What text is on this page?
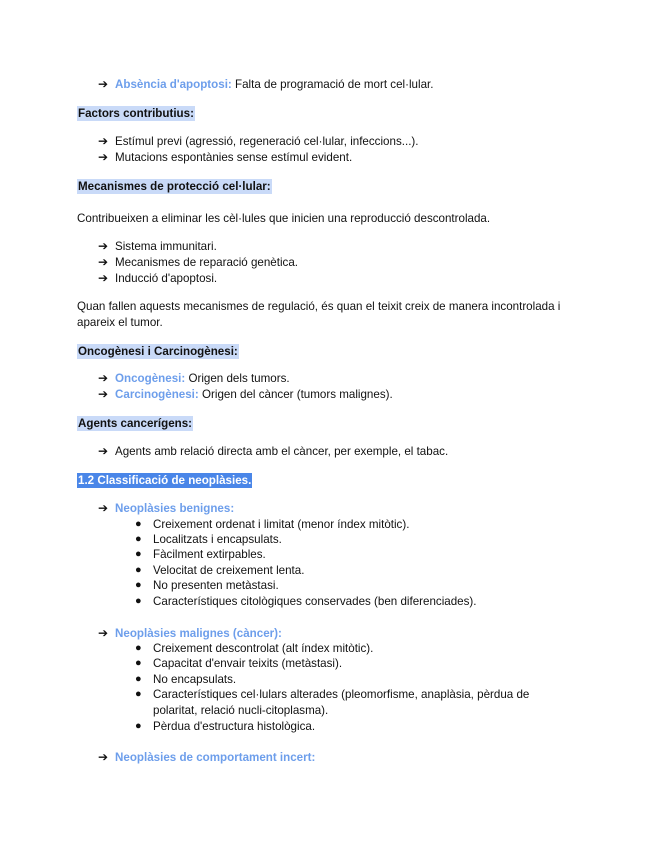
➔ Absència d'apoptosi: Falta de programació de mort cel·lular.
Factors contributius:
➔ Estímul previ (agressió, regeneració cel·lular, infeccions...).
➔ Mutacions espontànies sense estímul evident.
Mecanismes de protecció cel·lular:
Contribueixen a eliminar les cèl·lules que inicien una reproducció descontrolada.
➔ Sistema immunitari.
➔ Mecanismes de reparació genètica.
➔ Inducció d'apoptosi.
Quan fallen aquests mecanismes de regulació, és quan el teixit creix de manera incontrolada i
apareix el tumor.
Oncogènesi i Carcinogènesi:
➔ Oncogènesi: Origen dels tumors.
➔ Carcinogènesi: Origen del càncer (tumors malignes).
Agents cancerígens:
➔ Agents amb relació directa amb el càncer, per exemple, el tabac.
1.2 Classificació de neoplàsies.
➔ Neoplàsies benignes:
● Creixement ordenat i limitat (menor índex mitòtic).
● Localitzats i encapsulats.
● Fàcilment extirpables.
● Velocitat de creixement lenta.
● No presenten metàstasi.
● Característiques citològiques conservades (ben diferenciades).
➔ Neoplàsies malignes (càncer):
● Creixement descontrolat (alt índex mitòtic).
● Capacitat d'envair teixits (metàstasi).
● No encapsulats.
● Característiques cel·lulars alterades (pleomorfisme, anaplàsia, pèrdua de
polaritat, relació nucli-citoplasma).
● Pèrdua d'estructura histològica.
➔ Neoplàsies de comportament incert:
